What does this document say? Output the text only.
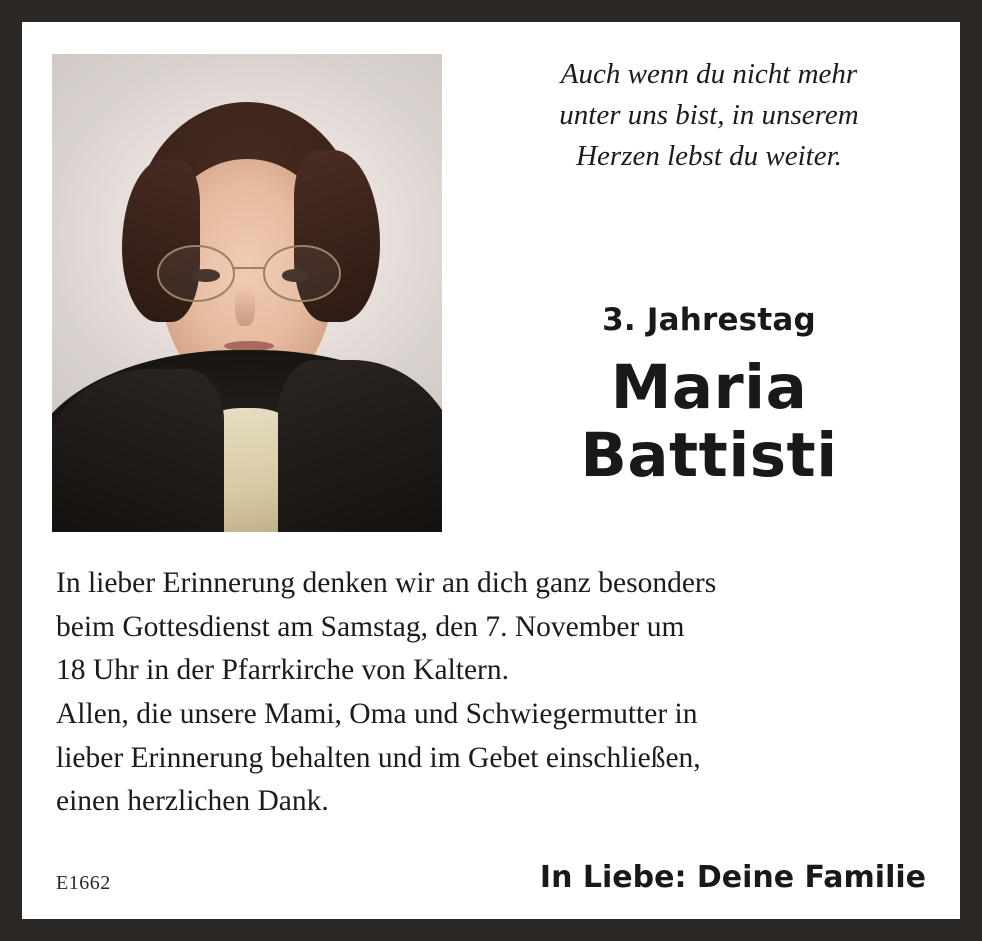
Auch wenn du nicht mehr
unter uns bist, in unserem
Herzen lebst du weiter.
3. Jahrestag
Maria
Battisti
In lieber Erinnerung denken wir an dich ganz besonders
beim Gottesdienst am Samstag, den 7. November um
18 Uhr in der Pfarrkirche von Kaltern.
Allen, die unsere Mami, Oma und Schwiegermutter in
lieber Erinnerung behalten und im Gebet einschließen,
einen herzlichen Dank.
E1662	In Liebe: Deine Familie
